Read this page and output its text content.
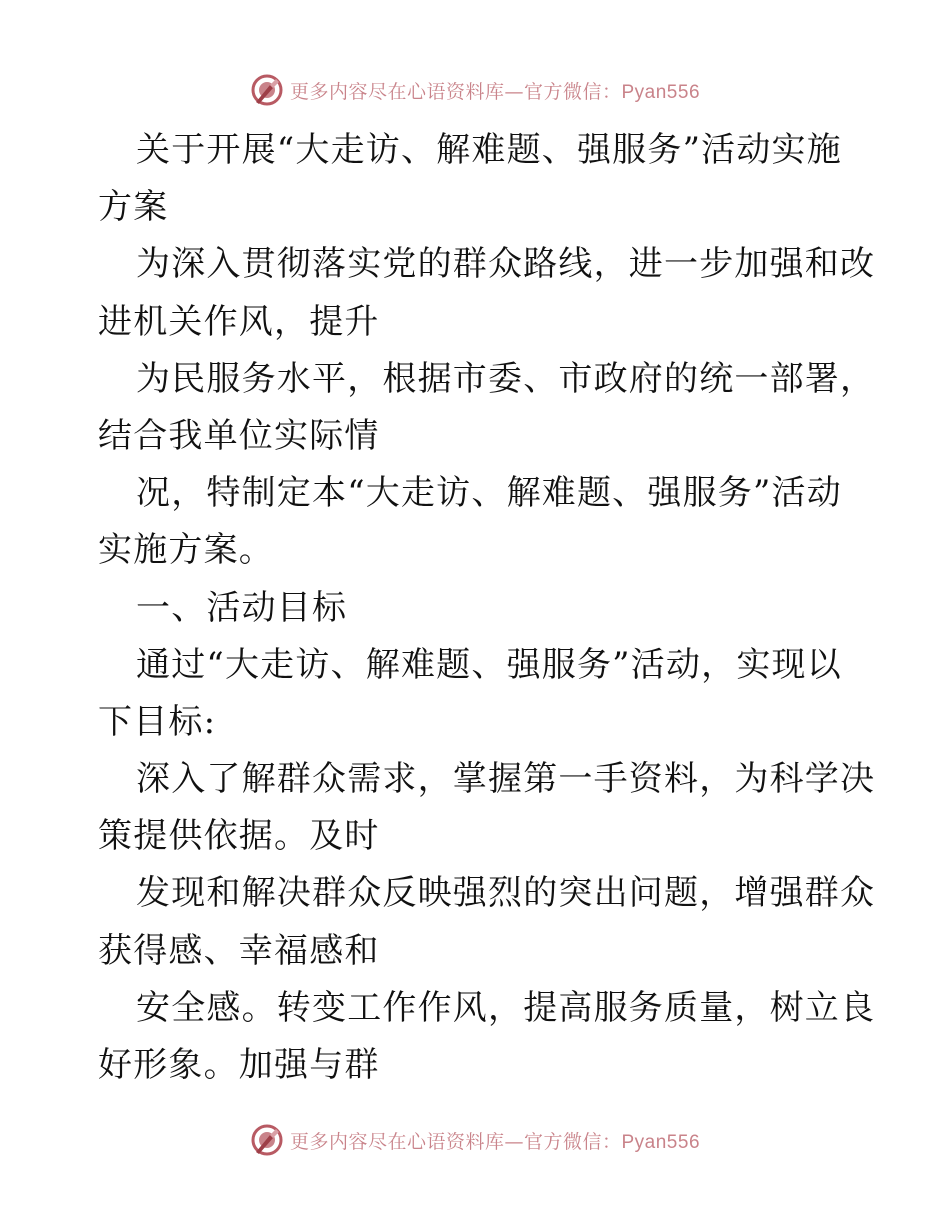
更多内容尽在心语资料库—官方微信：Pyan556
关于开展“大走访、解难题、强服务”活动实施
方案
为深入贯彻落实党的群众路线，进一步加强和改
进机关作风，提升
为民服务水平，根据市委、市政府的统一部署，
结合我单位实际情
况，特制定本“大走访、解难题、强服务”活动
实施方案。
一、活动目标
通过“大走访、解难题、强服务”活动，实现以
下目标:
深入了解群众需求，掌握第一手资料，为科学决
策提供依据。及时
发现和解决群众反映强烈的突出问题，增强群众
获得感、幸福感和
安全感。转变工作作风，提高服务质量，树立良
好形象。加强与群
更多内容尽在心语资料库—官方微信：Pyan556
